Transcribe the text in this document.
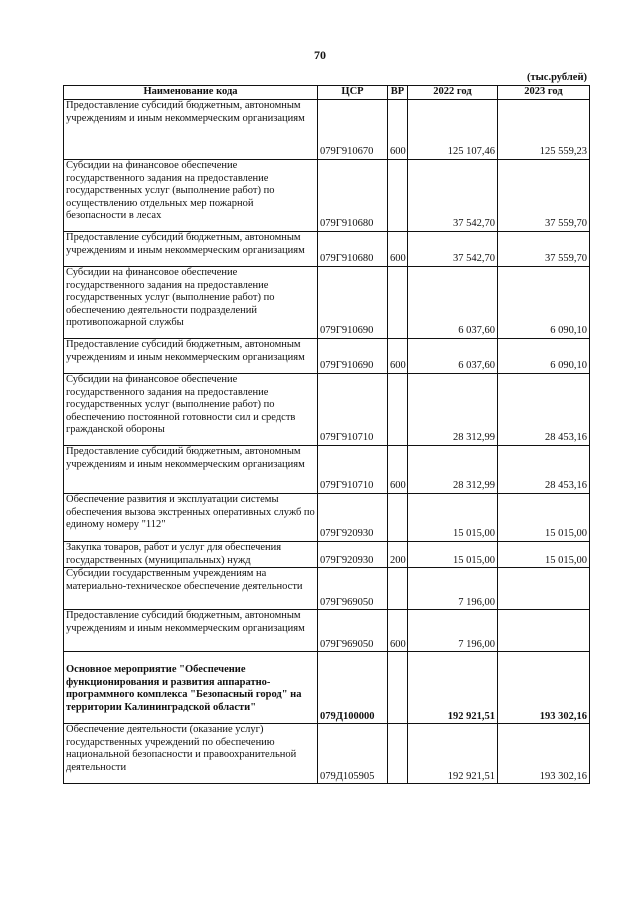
70
(тыс.рублей)
Наименование кода	ЦСР	ВР	2022 год	2023 год
Предоставление субсидий бюджетным, автономным учреждениям и иным некоммерческим организациям	079Г910670	600	125 107,46	125 559,23
Субсидии на финансовое обеспечение государственного задания на предоставление государственных услуг (выполнение работ) по осуществлению отдельных мер пожарной безопасности в лесах	079Г910680		37 542,70	37 559,70
Предоставление субсидий бюджетным, автономным учреждениям и иным некоммерческим организациям	079Г910680	600	37 542,70	37 559,70
Субсидии на финансовое обеспечение государственного задания на предоставление государственных услуг (выполнение работ) по обеспечению деятельности подразделений противопожарной службы	079Г910690		6 037,60	6 090,10
Предоставление субсидий бюджетным, автономным учреждениям и иным некоммерческим организациям	079Г910690	600	6 037,60	6 090,10
Субсидии на финансовое обеспечение государственного задания на предоставление государственных услуг (выполнение работ) по обеспечению постоянной готовности сил и средств гражданской обороны	079Г910710		28 312,99	28 453,16
Предоставление субсидий бюджетным, автономным учреждениям и иным некоммерческим организациям	079Г910710	600	28 312,99	28 453,16
Обеспечение развития и эксплуатации системы обеспечения вызова экстренных оперативных служб по единому номеру "112"	079Г920930		15 015,00	15 015,00
Закупка товаров, работ и услуг для обеспечения государственных (муниципальных) нужд	079Г920930	200	15 015,00	15 015,00
Субсидии государственным учреждениям на материально-техническое обеспечение деятельности	079Г969050		7 196,00	
Предоставление субсидий бюджетным, автономным учреждениям и иным некоммерческим организациям	079Г969050	600	7 196,00	
Основное мероприятие "Обеспечение функционирования и развития аппаратно-программного комплекса "Безопасный город" на территории Калининградской области"	079Д100000		192 921,51	193 302,16
Обеспечение деятельности (оказание услуг) государственных учреждений по обеспечению национальной безопасности и правоохранительной деятельности	079Д105905		192 921,51	193 302,16
